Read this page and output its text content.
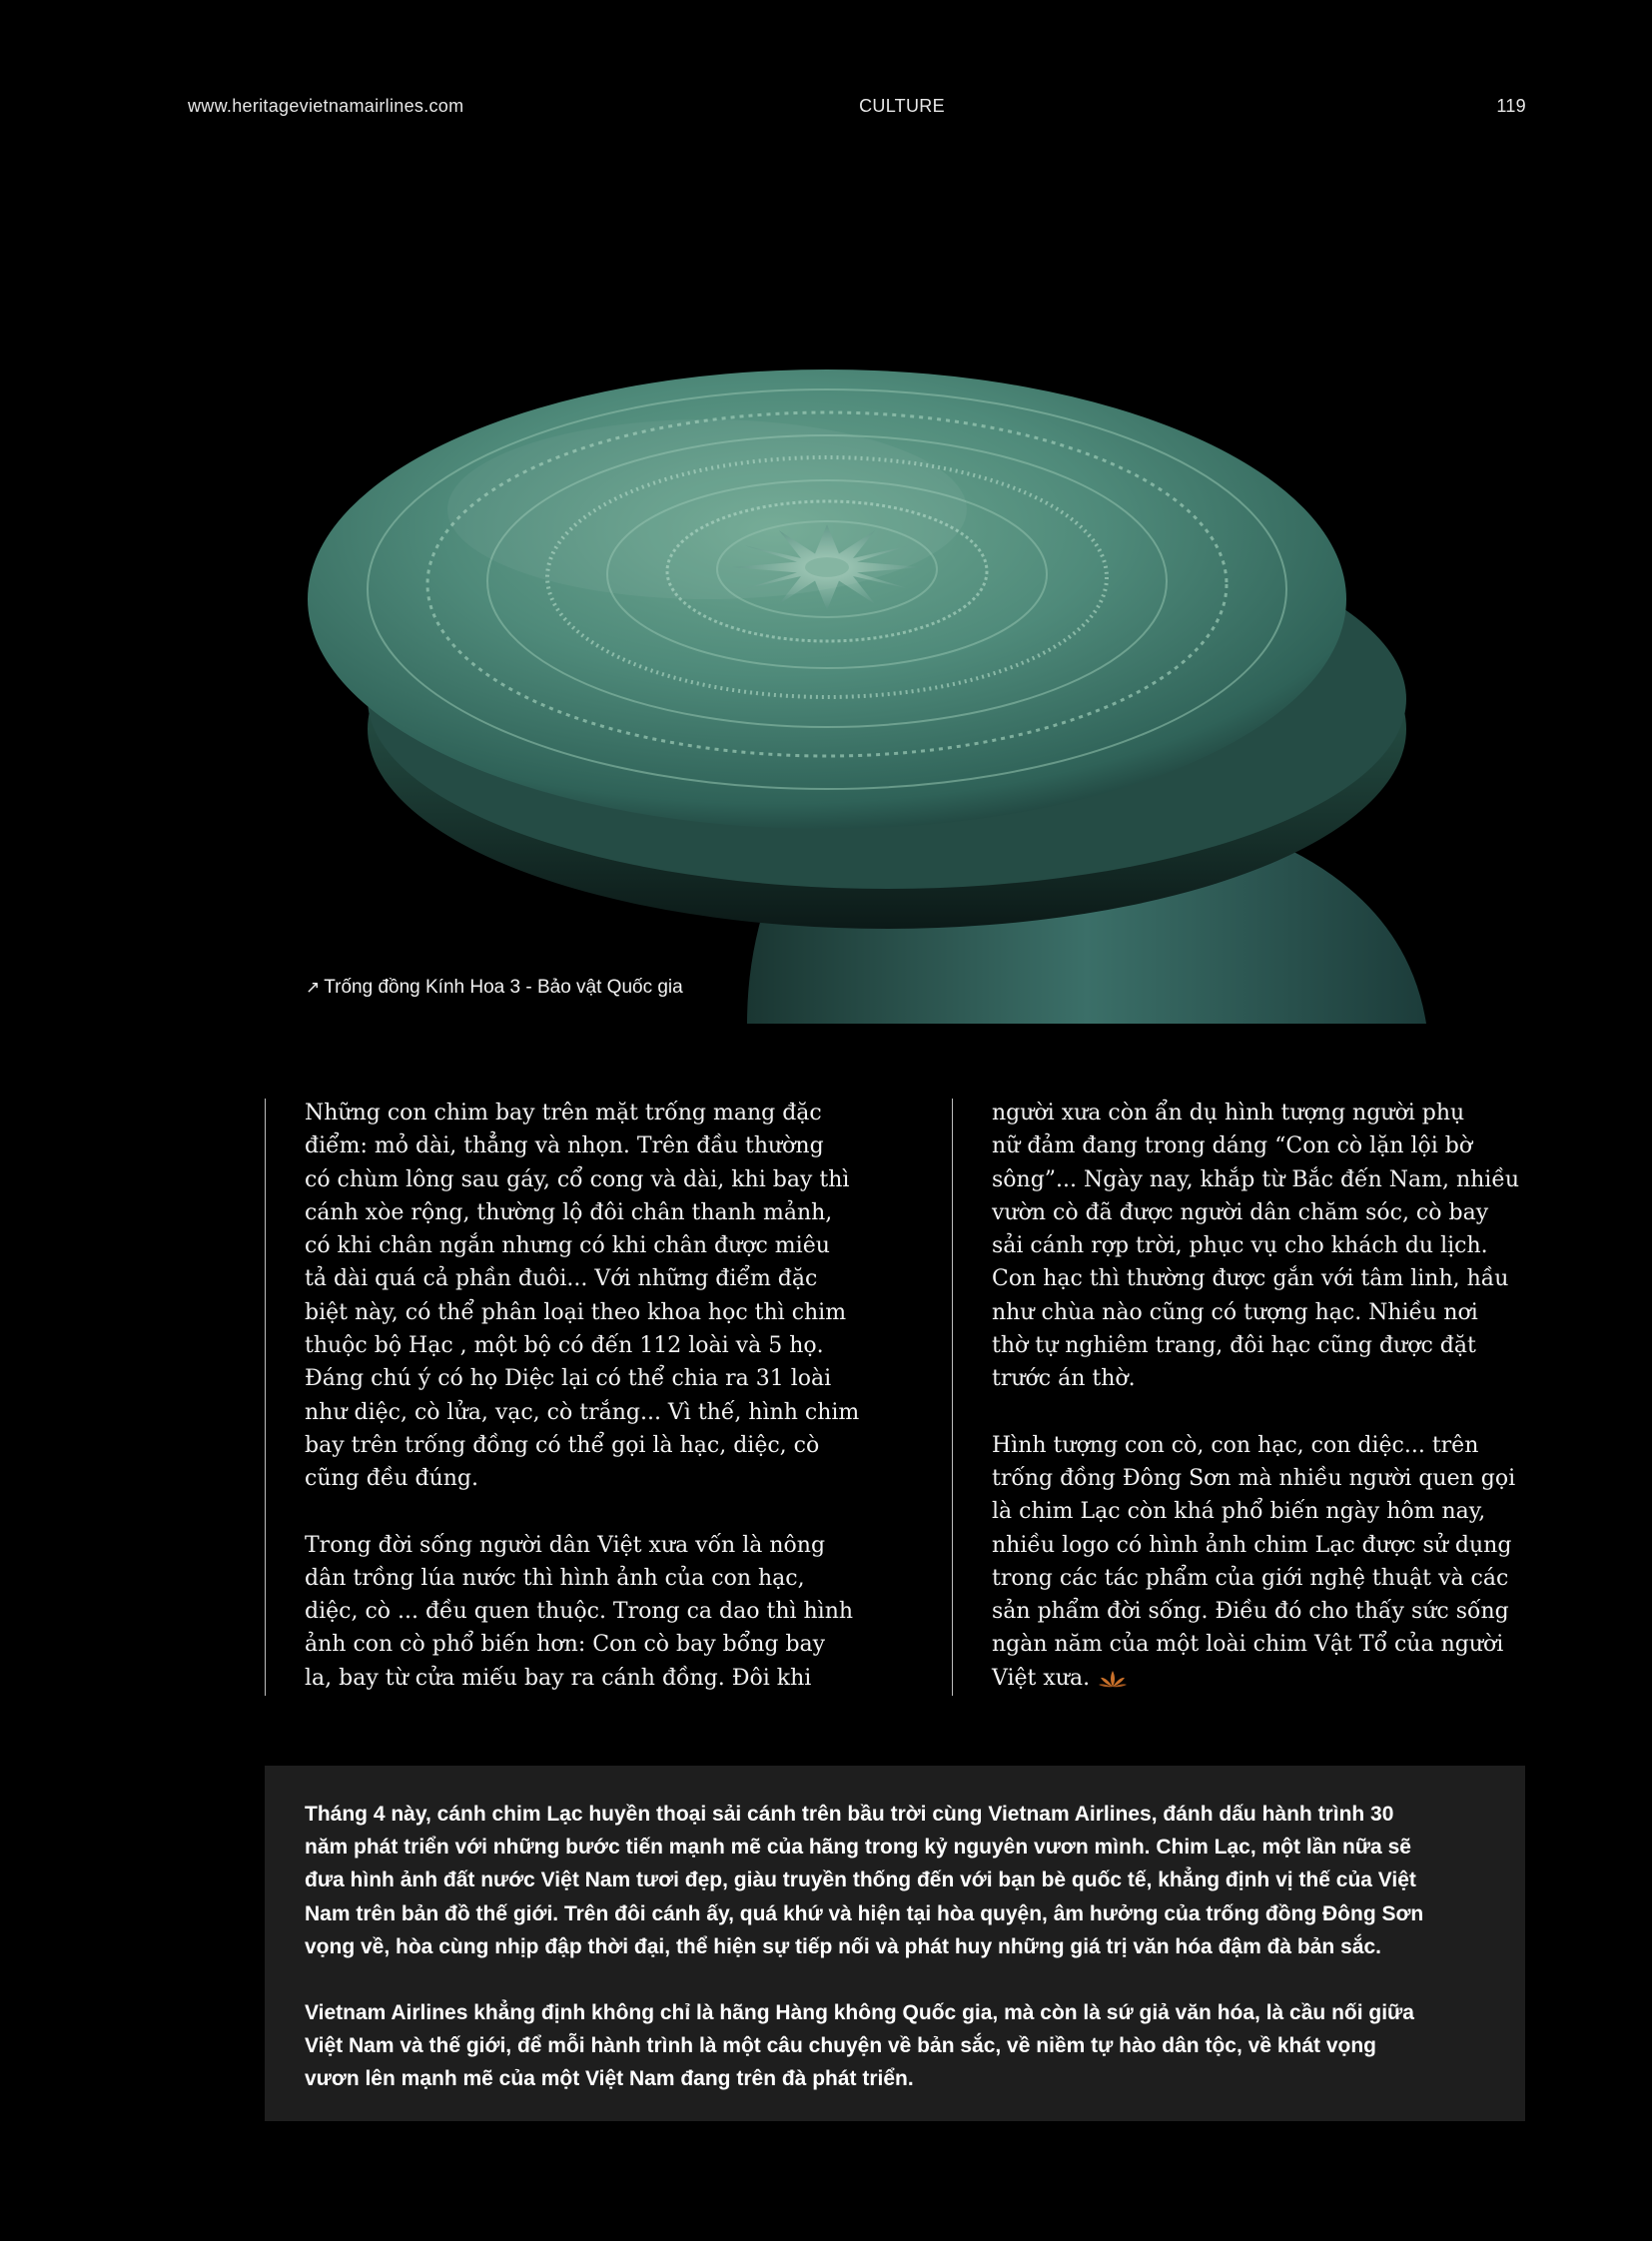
www.heritagevietnamairlines.com	CULTURE	119
↗ Trống đồng Kính Hoa 3 - Bảo vật Quốc gia

Những con chim bay trên mặt trống mang đặc
điểm: mỏ dài, thẳng và nhọn. Trên đầu thường
có chùm lông sau gáy, cổ cong và dài, khi bay thì
cánh xòe rộng, thường lộ đôi chân thanh mảnh,
có khi chân ngắn nhưng có khi chân được miêu
tả dài quá cả phần đuôi... Với những điểm đặc
biệt này, có thể phân loại theo khoa học thì chim
thuộc bộ Hạc , một bộ có đến 112 loài và 5 họ.
Đáng chú ý có họ Diệc lại có thể chia ra 31 loài
như diệc, cò lửa, vạc, cò trắng... Vì thế, hình chim
bay trên trống đồng có thể gọi là hạc, diệc, cò
cũng đều đúng.

Trong đời sống người dân Việt xưa vốn là nông
dân trồng lúa nước thì hình ảnh của con hạc,
diệc, cò ... đều quen thuộc. Trong ca dao thì hình
ảnh con cò phổ biến hơn: Con cò bay bổng bay
la, bay từ cửa miếu bay ra cánh đồng. Đôi khi

người xưa còn ẩn dụ hình tượng người phụ
nữ đảm đang trong dáng “Con cò lặn lội bờ
sông”... Ngày nay, khắp từ Bắc đến Nam, nhiều
vườn cò đã được người dân chăm sóc, cò bay
sải cánh rợp trời, phục vụ cho khách du lịch.
Con hạc thì thường được gắn với tâm linh, hầu
như chùa nào cũng có tượng hạc. Nhiều nơi
thờ tự nghiêm trang, đôi hạc cũng được đặt
trước án thờ.

Hình tượng con cò, con hạc, con diệc... trên
trống đồng Đông Sơn mà nhiều người quen gọi
là chim Lạc còn khá phổ biến ngày hôm nay,
nhiều logo có hình ảnh chim Lạc được sử dụng
trong các tác phẩm của giới nghệ thuật và các
sản phẩm đời sống. Điều đó cho thấy sức sống
ngàn năm của một loài chim Vật Tổ của người
Việt xưa.

Tháng 4 này, cánh chim Lạc huyền thoại sải cánh trên bầu trời cùng Vietnam Airlines, đánh dấu hành trình 30
năm phát triển với những bước tiến mạnh mẽ của hãng trong kỷ nguyên vươn mình. Chim Lạc, một lần nữa sẽ
đưa hình ảnh đất nước Việt Nam tươi đẹp, giàu truyền thống đến với bạn bè quốc tế, khẳng định vị thế của Việt
Nam trên bản đồ thế giới. Trên đôi cánh ấy, quá khứ và hiện tại hòa quyện, âm hưởng của trống đồng Đông Sơn
vọng về, hòa cùng nhịp đập thời đại, thể hiện sự tiếp nối và phát huy những giá trị văn hóa đậm đà bản sắc.

Vietnam Airlines khẳng định không chỉ là hãng Hàng không Quốc gia, mà còn là sứ giả văn hóa, là cầu nối giữa
Việt Nam và thế giới, để mỗi hành trình là một câu chuyện về bản sắc, về niềm tự hào dân tộc, về khát vọng
vươn lên mạnh mẽ của một Việt Nam đang trên đà phát triển.
